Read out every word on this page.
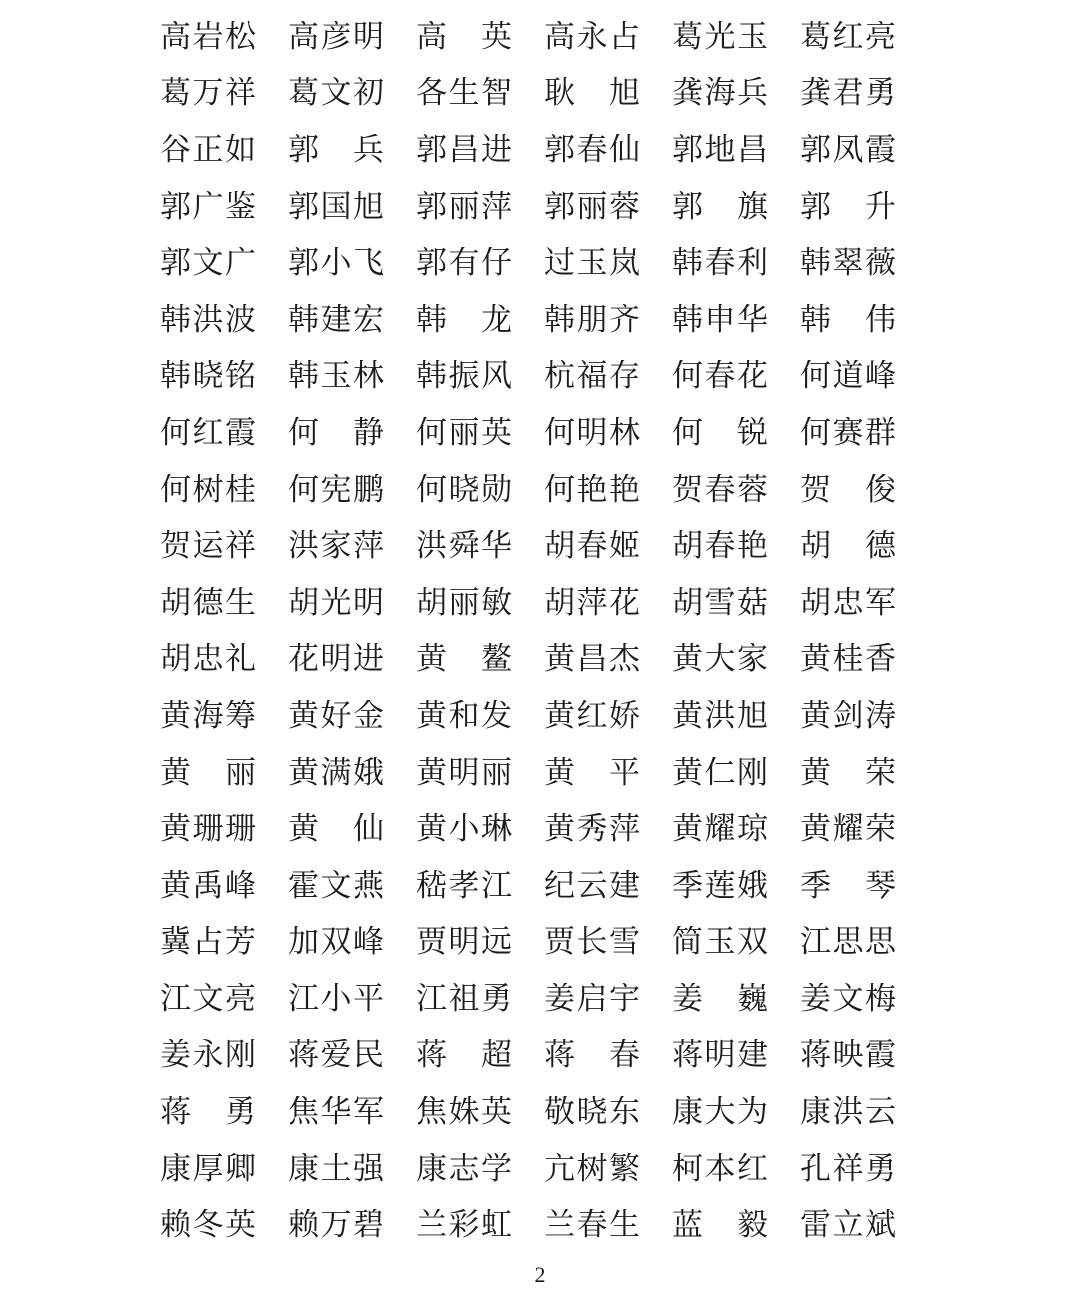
高岩松 高彦明 高　英 高永占 葛光玉 葛红亮
葛万祥 葛文初 各生智 耿　旭 龚海兵 龚君勇
谷正如 郭　兵 郭昌进 郭春仙 郭地昌 郭凤霞
郭广鉴 郭国旭 郭丽萍 郭丽蓉 郭　旗 郭　升
郭文广 郭小飞 郭有仔 过玉岚 韩春利 韩翠薇
韩洪波 韩建宏 韩　龙 韩朋齐 韩申华 韩　伟
韩晓铭 韩玉林 韩振风 杭福存 何春花 何道峰
何红霞 何　静 何丽英 何明林 何　锐 何赛群
何树桂 何宪鹏 何晓勋 何艳艳 贺春蓉 贺　俊
贺运祥 洪家萍 洪舜华 胡春姬 胡春艳 胡　德
胡德生 胡光明 胡丽敏 胡萍花 胡雪菇 胡忠军
胡忠礼 花明进 黄　鳌 黄昌杰 黄大家 黄桂香
黄海筹 黄好金 黄和发 黄红娇 黄洪旭 黄剑涛
黄　丽 黄满娥 黄明丽 黄　平 黄仁刚 黄　荣
黄珊珊 黄　仙 黄小琳 黄秀萍 黄耀琼 黄耀荣
黄禹峰 霍文燕 嵇孝江 纪云建 季莲娥 季　琴
冀占芳 加双峰 贾明远 贾长雪 简玉双 江思思
江文亮 江小平 江祖勇 姜启宇 姜　巍 姜文梅
姜永刚 蒋爱民 蒋　超 蒋　春 蒋明建 蒋映霞
蒋　勇 焦华军 焦姝英 敬晓东 康大为 康洪云
康厚卿 康土强 康志学 亢树繁 柯本红 孔祥勇
赖冬英 赖万碧 兰彩虹 兰春生 蓝　毅 雷立斌
2
